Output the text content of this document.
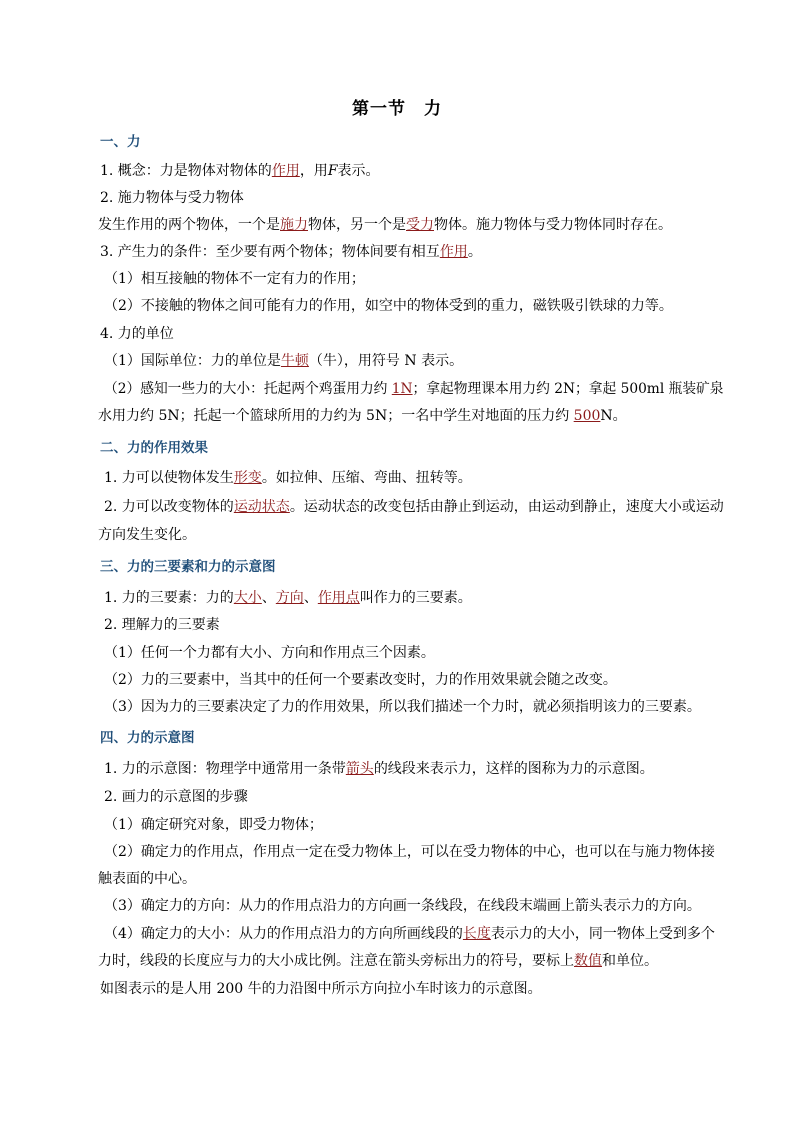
第一节　力
一、力
1. 概念：力是物体对物体的作用，用F表示。
2. 施力物体与受力物体
发生作用的两个物体，一个是施力物体，另一个是受力物体。施力物体与受力物体同时存在。
3. 产生力的条件：至少要有两个物体；物体间要有相互作用。
（1）相互接触的物体不一定有力的作用；
（2）不接触的物体之间可能有力的作用，如空中的物体受到的重力，磁铁吸引铁球的力等。
4. 力的单位
（1）国际单位：力的单位是牛顿（牛），用符号 N 表示。
（2）感知一些力的大小：托起两个鸡蛋用力约 1N；拿起物理课本用力约 2N；拿起 500ml 瓶装矿泉
水用力约 5N；托起一个篮球所用的力约为 5N；一名中学生对地面的压力约 500N。
二、力的作用效果
1. 力可以使物体发生形变。如拉伸、压缩、弯曲、扭转等。
2. 力可以改变物体的运动状态。运动状态的改变包括由静止到运动，由运动到静止，速度大小或运动
方向发生变化。
三、力的三要素和力的示意图
1. 力的三要素：力的大小、方向、作用点叫作力的三要素。
2. 理解力的三要素
（1）任何一个力都有大小、方向和作用点三个因素。
（2）力的三要素中，当其中的任何一个要素改变时，力的作用效果就会随之改变。
（3）因为力的三要素决定了力的作用效果，所以我们描述一个力时，就必须指明该力的三要素。
四、力的示意图
1. 力的示意图：物理学中通常用一条带箭头的线段来表示力，这样的图称为力的示意图。
2. 画力的示意图的步骤
（1）确定研究对象，即受力物体；
（2）确定力的作用点，作用点一定在受力物体上，可以在受力物体的中心，也可以在与施力物体接
触表面的中心。
（3）确定力的方向：从力的作用点沿力的方向画一条线段，在线段末端画上箭头表示力的方向。
（4）确定力的大小：从力的作用点沿力的方向所画线段的长度表示力的大小，同一物体上受到多个
力时，线段的长度应与力的大小成比例。注意在箭头旁标出力的符号，要标上数值和单位。
如图表示的是人用 200 牛的力沿图中所示方向拉小车时该力的示意图。
